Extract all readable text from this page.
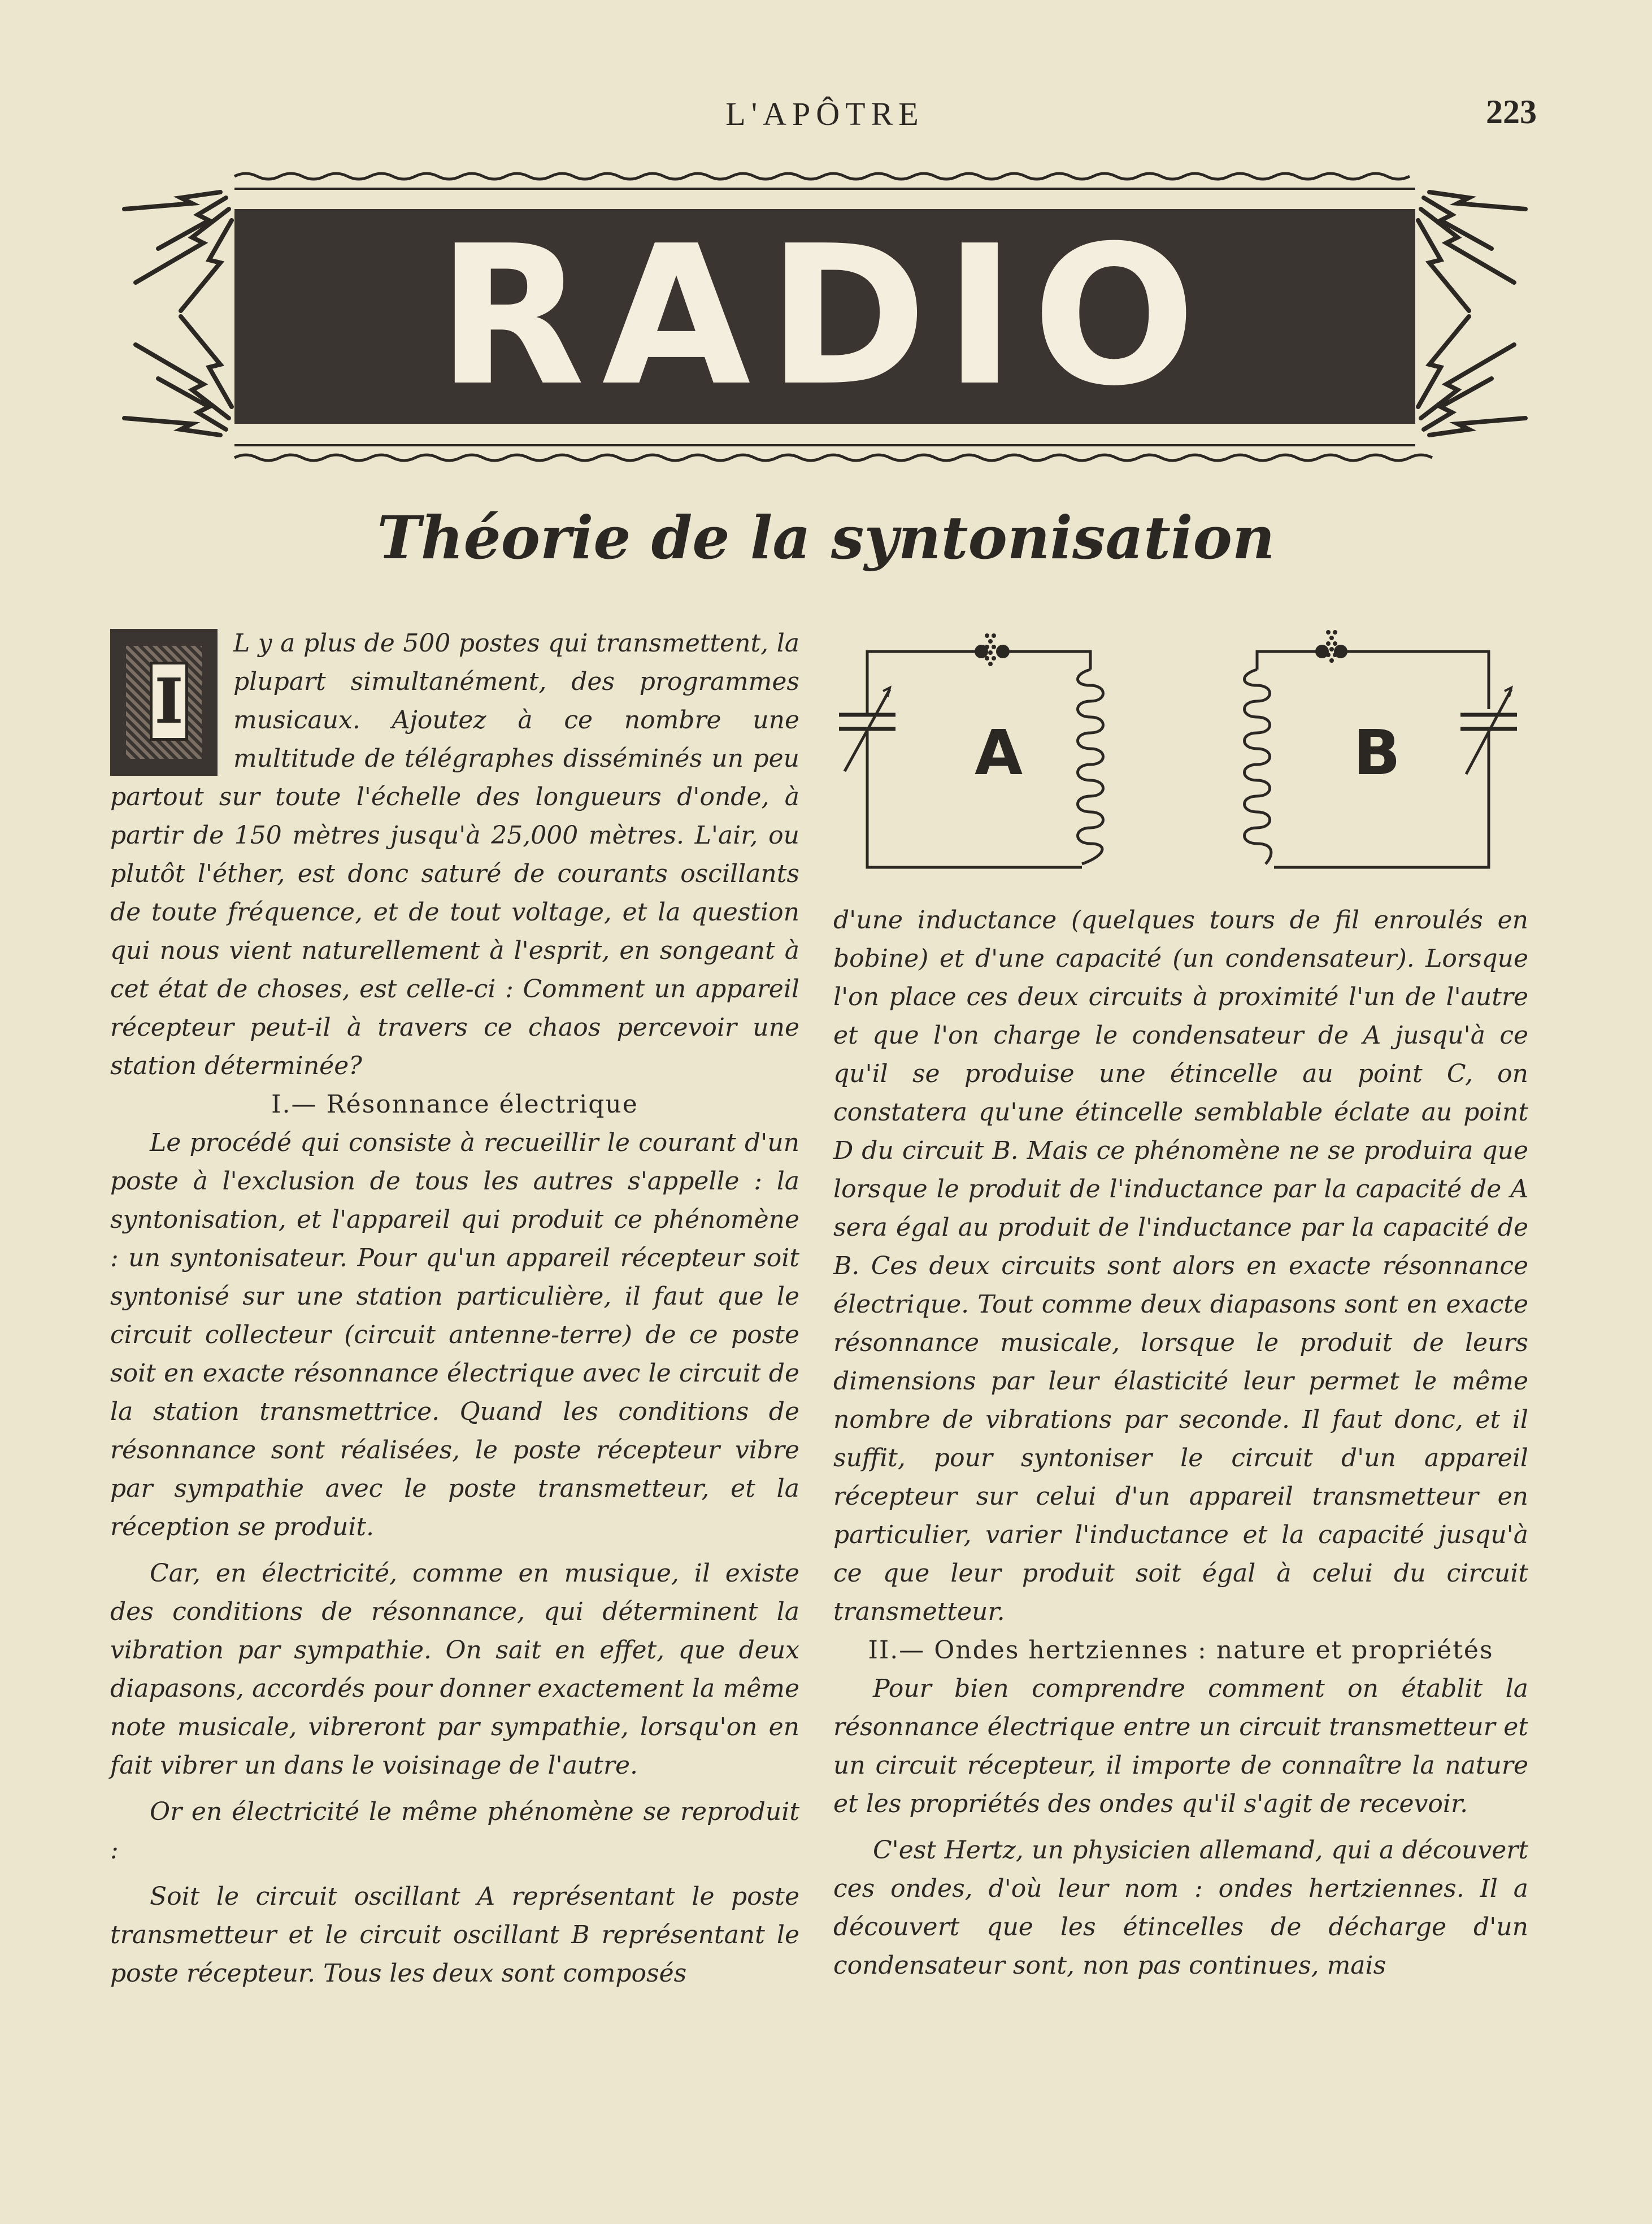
L'APÔTRE	223
RADIO
Théorie de la syntonisation
I

L y a plus de 500 postes qui transmettent, la plupart simultanément, des programmes musicaux. Ajoutez à ce nombre une multitude de télégraphes disséminés un peu partout sur toute l'échelle des longueurs d'onde, à partir de 150 mètres jusqu'à 25,000 mètres. L'air, ou plutôt l'éther, est donc saturé de courants oscillants de toute fréquence, et de tout voltage, et la question qui nous vient naturellement à l'esprit, en songeant à cet état de choses, est celle-ci : Comment un appareil récepteur peut-il à travers ce chaos percevoir une station déterminée?

I.— Résonnance électrique

Le procédé qui consiste à recueillir le courant d'un poste à l'exclusion de tous les autres s'appelle : la syntonisation, et l'appareil qui produit ce phénomène : un syntonisateur. Pour qu'un appareil récepteur soit syntonisé sur une station particulière, il faut que le circuit collecteur (circuit antenne-terre) de ce poste soit en exacte résonnance électrique avec le circuit de la station transmettrice. Quand les conditions de résonnance sont réalisées, le poste récepteur vibre par sympathie avec le poste transmetteur, et la réception se produit.

Car, en électricité, comme en musique, il existe des conditions de résonnance, qui déterminent la vibration par sympathie. On sait en effet, que deux diapasons, accordés pour donner exactement la même note musicale, vibreront par sympathie, lorsqu'on en fait vibrer un dans le voisinage de l'autre.

Or en électricité le même phénomène se reproduit :

Soit le circuit oscillant A représentant le poste transmetteur et le circuit oscillant B représentant le poste récepteur. Tous les deux sont composés

A	B

d'une inductance (quelques tours de fil enroulés en bobine) et d'une capacité (un condensateur). Lorsque l'on place ces deux circuits à proximité l'un de l'autre et que l'on charge le condensateur de A jusqu'à ce qu'il se produise une étincelle au point C, on constatera qu'une étincelle semblable éclate au point D du circuit B. Mais ce phénomène ne se produira que lorsque le produit de l'inductance par la capacité de A sera égal au produit de l'inductance par la capacité de B. Ces deux circuits sont alors en exacte résonnance électrique. Tout comme deux diapasons sont en exacte résonnance musicale, lorsque le produit de leurs dimensions par leur élasticité leur permet le même nombre de vibrations par seconde. Il faut donc, et il suffit, pour syntoniser le circuit d'un appareil récepteur sur celui d'un appareil transmetteur en particulier, varier l'inductance et la capacité jusqu'à ce que leur produit soit égal à celui du circuit transmetteur.

II.— Ondes hertziennes : nature et propriétés

Pour bien comprendre comment on établit la résonnance électrique entre un circuit transmetteur et un circuit récepteur, il importe de connaître la nature et les propriétés des ondes qu'il s'agit de recevoir.

C'est Hertz, un physicien allemand, qui a découvert ces ondes, d'où leur nom : ondes hertziennes. Il a découvert que les étincelles de décharge d'un condensateur sont, non pas continues, mais
